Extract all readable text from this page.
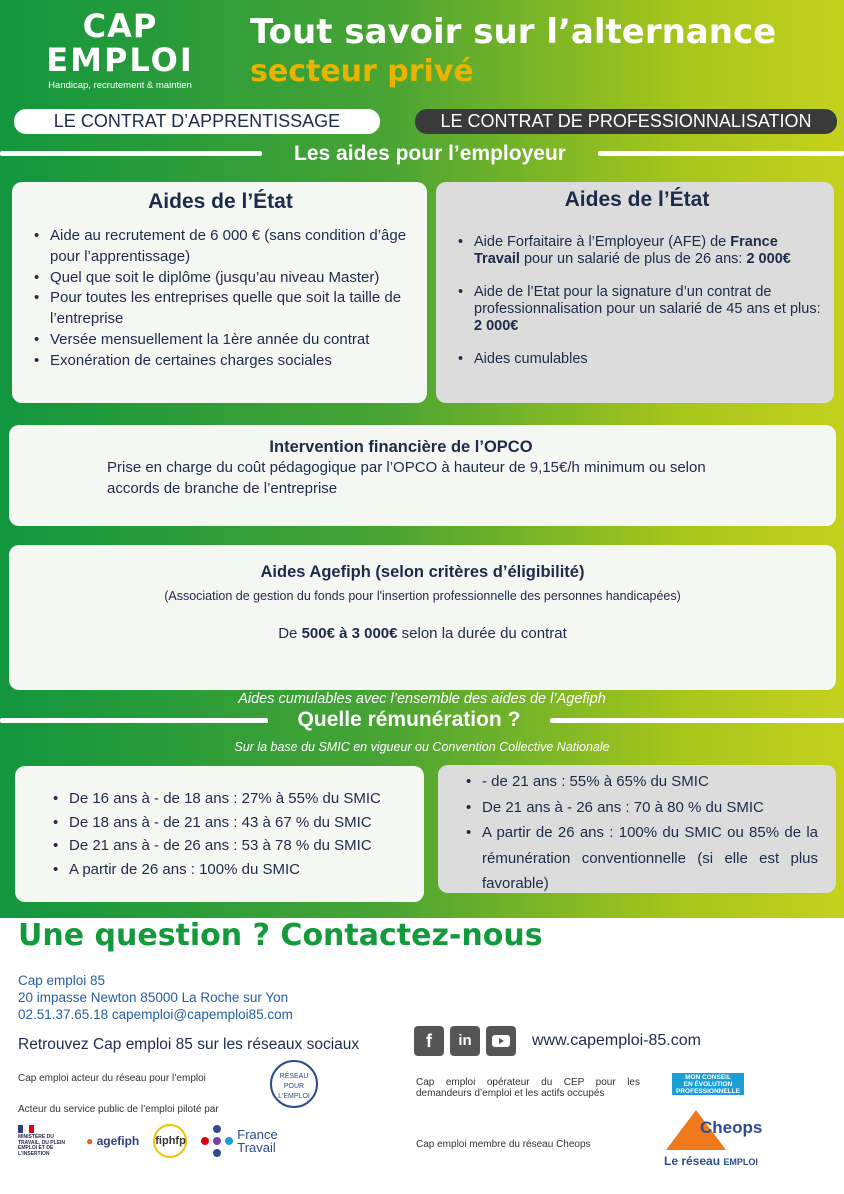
CAP
EMPLOI
Handicap, recrutement & maintien
Tout savoir sur l’alternance
secteur privé
LE CONTRAT D’APPRENTISSAGE	LE CONTRAT DE PROFESSIONNALISATION
Les aides pour l’employeur
Aides de l’État
• Aide au recrutement de 6 000 € (sans condition d’âge pour l’apprentissage)
• Quel que soit le diplôme (jusqu’au niveau Master)
• Pour toutes les entreprises quelle que soit la taille de l’entreprise
• Versée mensuellement la 1ère année du contrat
• Exonération de certaines charges sociales
Aides de l’État
• Aide Forfaitaire à l’Employeur (AFE) de France Travail pour un salarié de plus de 26 ans: 2 000€
• Aide de l’Etat pour la signature d’un contrat de professionnalisation pour un salarié de 45 ans et plus: 2 000€
• Aides cumulables
Intervention financière de l’OPCO
Prise en charge du coût pédagogique par l’OPCO à hauteur de 9,15€/h minimum ou selon accords de branche de l’entreprise
Aides Agefiph (selon critères d’éligibilité)
(Association de gestion du fonds pour l'insertion professionnelle des personnes handicapées)
De 500€ à 3 000€ selon la durée du contrat
Aides cumulables avec l’ensemble des aides de l’Agefiph
Quelle rémunération ?
Sur la base du SMIC en vigueur ou Convention Collective Nationale
• De 16 ans à - de 18 ans : 27% à 55% du SMIC
• De 18 ans à - de 21 ans : 43 à 67 % du SMIC
• De 21 ans à - de 26 ans : 53 à 78 % du SMIC
• A partir de 26 ans : 100% du SMIC
• - de 21 ans : 55% à 65% du SMIC
• De 21 ans à - 26 ans : 70 à 80 % du SMIC
• A partir de 26 ans : 100% du SMIC ou 85% de la rémunération conventionnelle (si elle est plus favorable)
Une question ? Contactez-nous
Cap emploi 85
20 impasse Newton 85000 La Roche sur Yon
02.51.37.65.18 capemploi@capemploi85.com
Retrouvez Cap emploi 85 sur les réseaux sociaux	f	in	www.capemploi-85.com
Cap emploi acteur du réseau pour l’emploi	RÉSEAU POUR L'EMPLOI
Acteur du service public de l’emploi piloté par
MINISTÈRE DU TRAVAIL, DU PLEIN EMPLOI ET DE L'INSERTION
● agefiph fiphfp	France
Travail
Cap emploi opérateur du CEP pour les demandeurs d’emploi et les actifs occupés
MON CONSEIL
EN ÉVOLUTION
PROFESSIONNELLE
Cap emploi membre du réseau Cheops
Cheops
Le réseau EMPLOI
